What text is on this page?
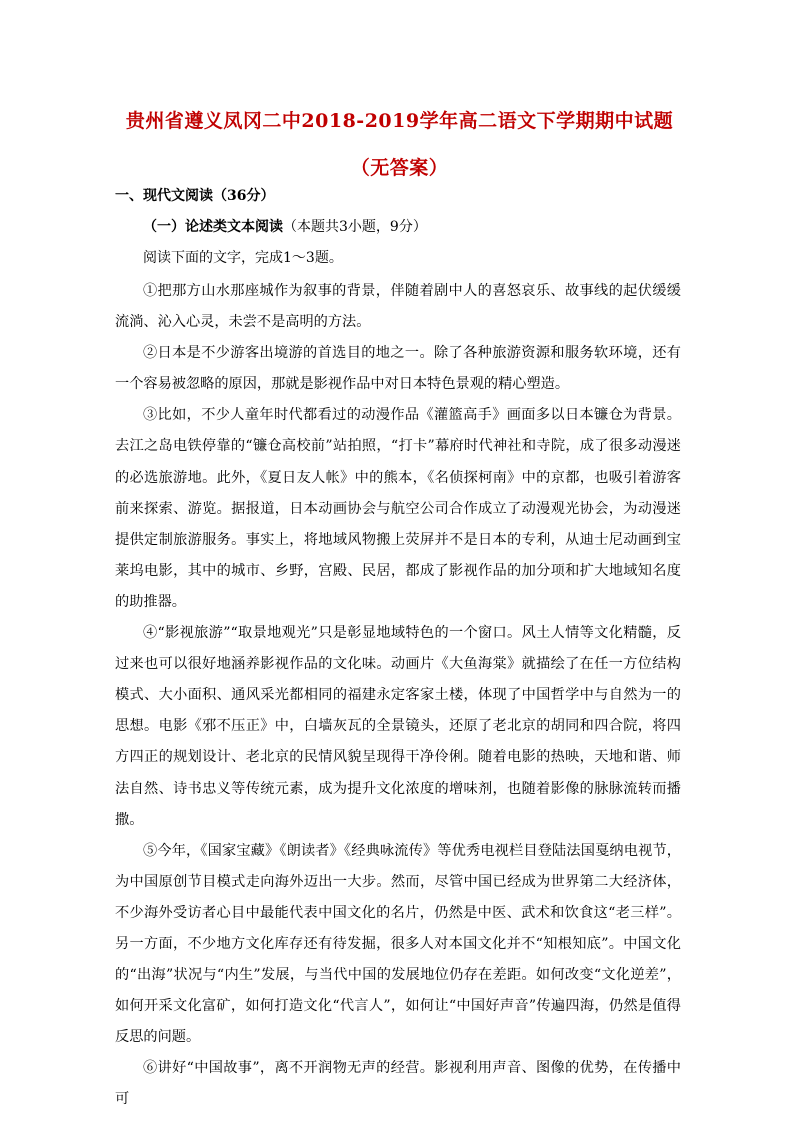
贵州省遵义凤冈二中2018-2019学年高二语文下学期期中试题（无答案）
一、现代文阅读（36分）
（一）论述类文本阅读（本题共3小题，9分）
阅读下面的文字，完成1～3题。

①把那方山水那座城作为叙事的背景，伴随着剧中人的喜怒哀乐、故事线的起伏缓缓流淌、沁入心灵，未尝不是高明的方法。

②日本是不少游客出境游的首选目的地之一。除了各种旅游资源和服务软环境，还有一个容易被忽略的原因，那就是影视作品中对日本特色景观的精心塑造。

③比如，不少人童年时代都看过的动漫作品《灌篮高手》画面多以日本镰仓为背景。去江之岛电铁停靠的“镰仓高校前”站拍照，“打卡”幕府时代神社和寺院，成了很多动漫迷的必选旅游地。此外，《夏日友人帐》中的熊本，《名侦探柯南》中的京都，也吸引着游客前来探索、游览。据报道，日本动画协会与航空公司合作成立了动漫观光协会，为动漫迷提供定制旅游服务。事实上，将地域风物搬上荧屏并不是日本的专利，从迪士尼动画到宝莱坞电影，其中的城市、乡野，宫殿、民居，都成了影视作品的加分项和扩大地域知名度的助推器。

④“影视旅游”“取景地观光”只是彰显地域特色的一个窗口。风土人情等文化精髓，反过来也可以很好地涵养影视作品的文化味。动画片《大鱼海棠》就描绘了在任一方位结构模式、大小面积、通风采光都相同的福建永定客家土楼，体现了中国哲学中与自然为一的思想。电影《邪不压正》中，白墙灰瓦的全景镜头，还原了老北京的胡同和四合院，将四方四正的规划设计、老北京的民情风貌呈现得干净伶俐。随着电影的热映，天地和谐、师法自然、诗书忠义等传统元素，成为提升文化浓度的增味剂，也随着影像的脉脉流转而播撒。

⑤今年，《国家宝藏》《朗读者》《经典咏流传》等优秀电视栏目登陆法国戛纳电视节，为中国原创节目模式走向海外迈出一大步。然而，尽管中国已经成为世界第二大经济体，不少海外受访者心目中最能代表中国文化的名片，仍然是中医、武术和饮食这“老三样”。另一方面，不少地方文化库存还有待发掘，很多人对本国文化并不“知根知底”。中国文化的“出海”状况与“内生”发展，与当代中国的发展地位仍存在差距。如何改变“文化逆差”，如何开采文化富矿，如何打造文化“代言人”，如何让“中国好声音”传遍四海，仍然是值得反思的问题。

⑥讲好“中国故事”，离不开润物无声的经营。影视利用声音、图像的优势，在传播中可
